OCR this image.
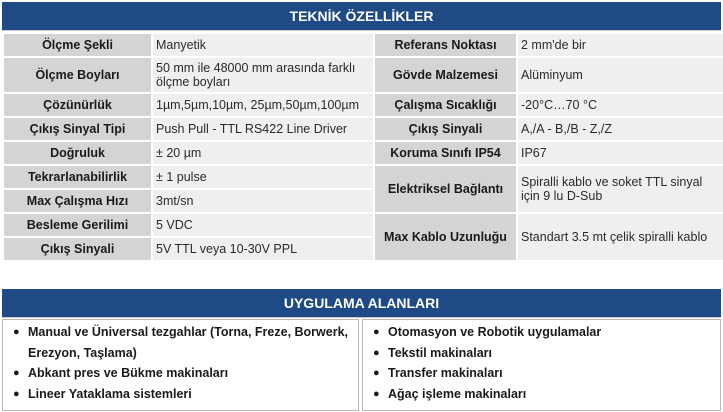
TEKNİK ÖZELLİKLER
Ölçme Şekli	Manyetik	Referans Noktası	2 mm'de bir
Ölçme Boyları	50 mm ile 48000 mm arasında farklı ölçme boyları	Gövde Malzemesi	Alüminyum
Çözünürlük	1µm,5µm,10µm, 25µm,50µm,100µm	Çalışma Sıcaklığı	-20°C…70 °C
Çıkış Sinyal Tipi	Push Pull - TTL RS422 Line Driver	Çıkış Sinyali	A,/A - B,/B - Z,/Z
Doğruluk	± 20 µm	Koruma Sınıfı IP54	IP67
Tekrarlanabilirlik	± 1 pulse	Elektriksel Bağlantı	Spiralli kablo ve soket TTL sinyal için 9 lu D-Sub
Max Çalışma Hızı	3mt/sn		
Besleme Gerilimi	5 VDC	Max Kablo Uzunluğu	Standart 3.5 mt çelik spiralli kablo
Çıkış Sinyali	5V TTL veya 10-30V PPL		
UYGULAMA ALANLARI
● Manual ve Üniversal tezgahlar (Torna, Freze, Borwerk, Erezyon, Taşlama)
● Abkant pres ve Bükme makinaları
● Lineer Yataklama sistemleri
● Otomasyon ve Robotik uygulamalar
● Tekstil makinaları
● Transfer makinaları
● Ağaç işleme makinaları
